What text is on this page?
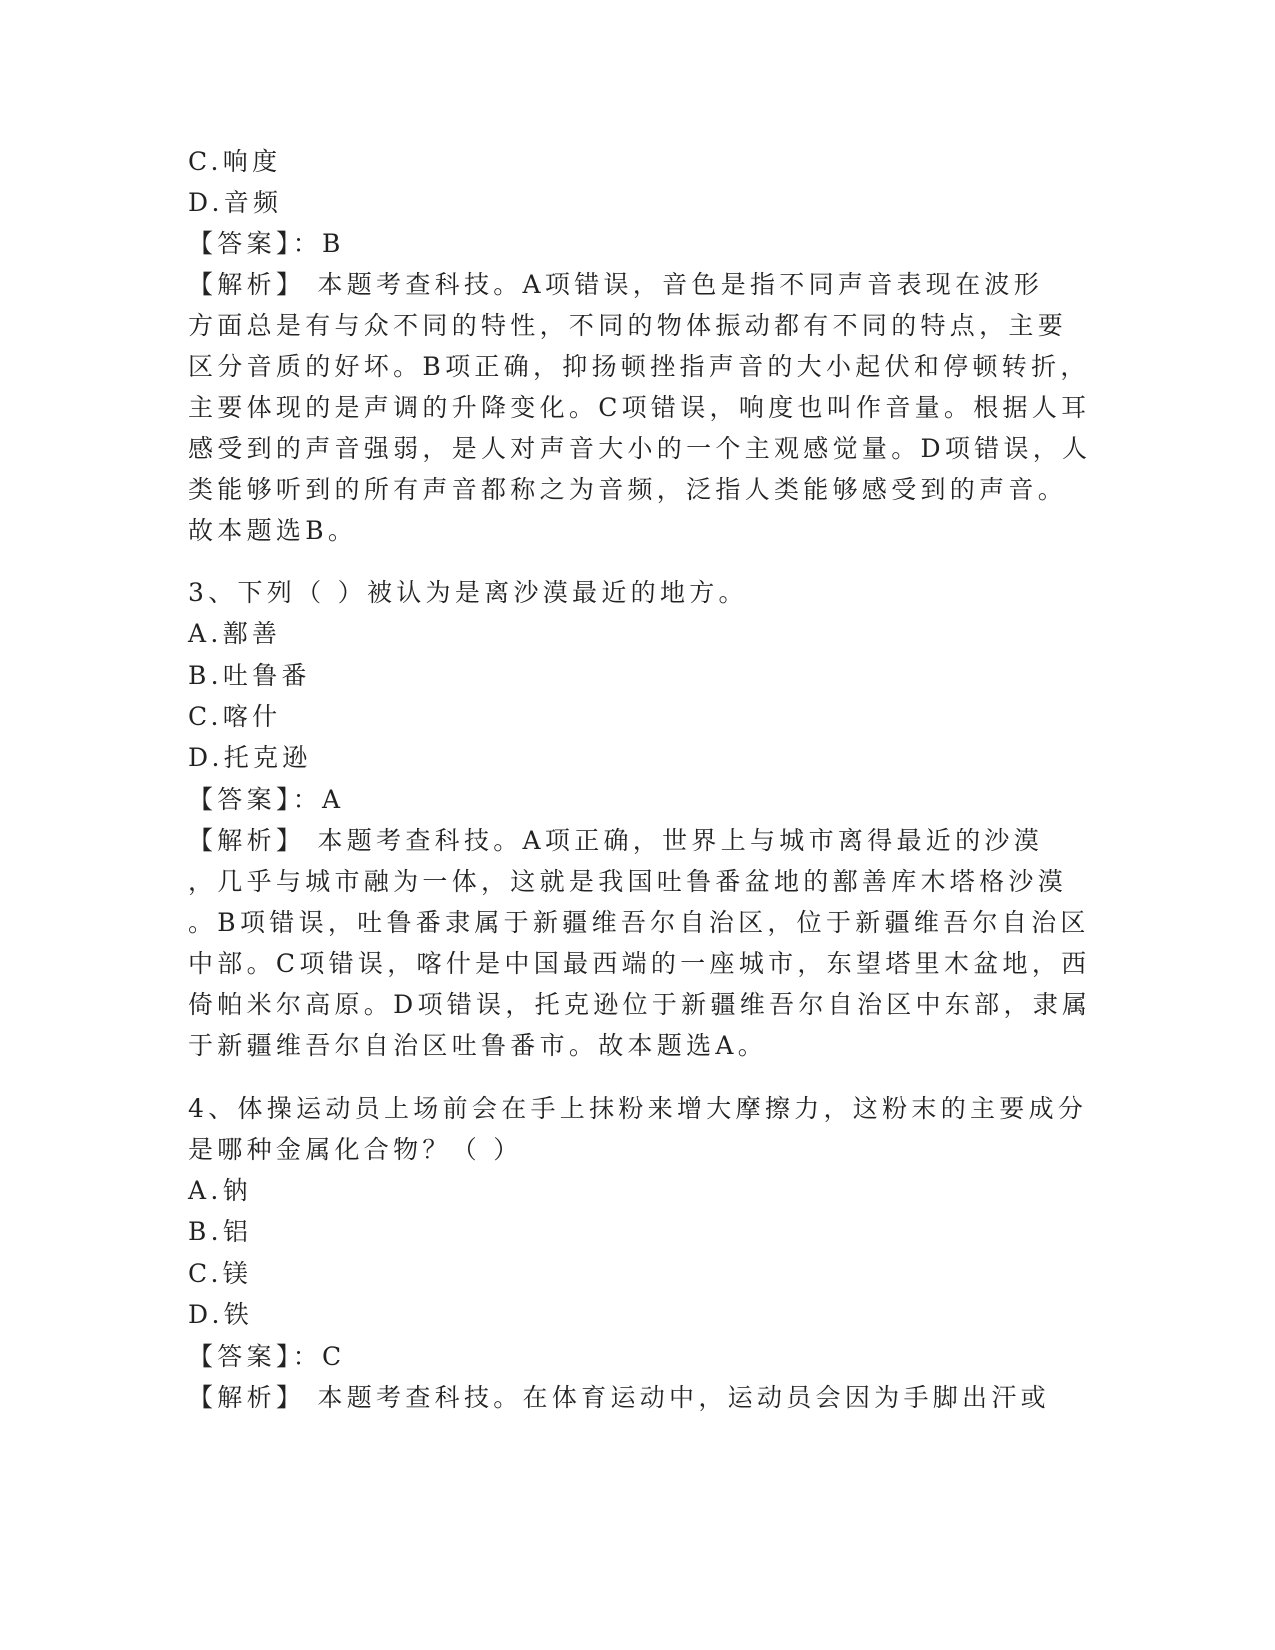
C.响度
D.音频
【答案】：B
【解析】 本题考查科技。A项错误，音色是指不同声音表现在波形
方面总是有与众不同的特性，不同的物体振动都有不同的特点，主要
区分音质的好坏。B项正确，抑扬顿挫指声音的大小起伏和停顿转折，
主要体现的是声调的升降变化。C项错误，响度也叫作音量。根据人耳
感受到的声音强弱，是人对声音大小的一个主观感觉量。D项错误，人
类能够听到的所有声音都称之为音频，泛指人类能够感受到的声音。
故本题选B。
3、下列（ ）被认为是离沙漠最近的地方。
A.鄯善
B.吐鲁番
C.喀什
D.托克逊
【答案】：A
【解析】 本题考查科技。A项正确，世界上与城市离得最近的沙漠
，几乎与城市融为一体，这就是我国吐鲁番盆地的鄯善库木塔格沙漠
。B项错误，吐鲁番隶属于新疆维吾尔自治区，位于新疆维吾尔自治区
中部。C项错误，喀什是中国最西端的一座城市，东望塔里木盆地，西
倚帕米尔高原。D项错误，托克逊位于新疆维吾尔自治区中东部，隶属
于新疆维吾尔自治区吐鲁番市。故本题选A。
4、体操运动员上场前会在手上抹粉来增大摩擦力，这粉末的主要成分
是哪种金属化合物？（ ）
A.钠
B.铝
C.镁
D.铁
【答案】：C
【解析】 本题考查科技。在体育运动中，运动员会因为手脚出汗或
